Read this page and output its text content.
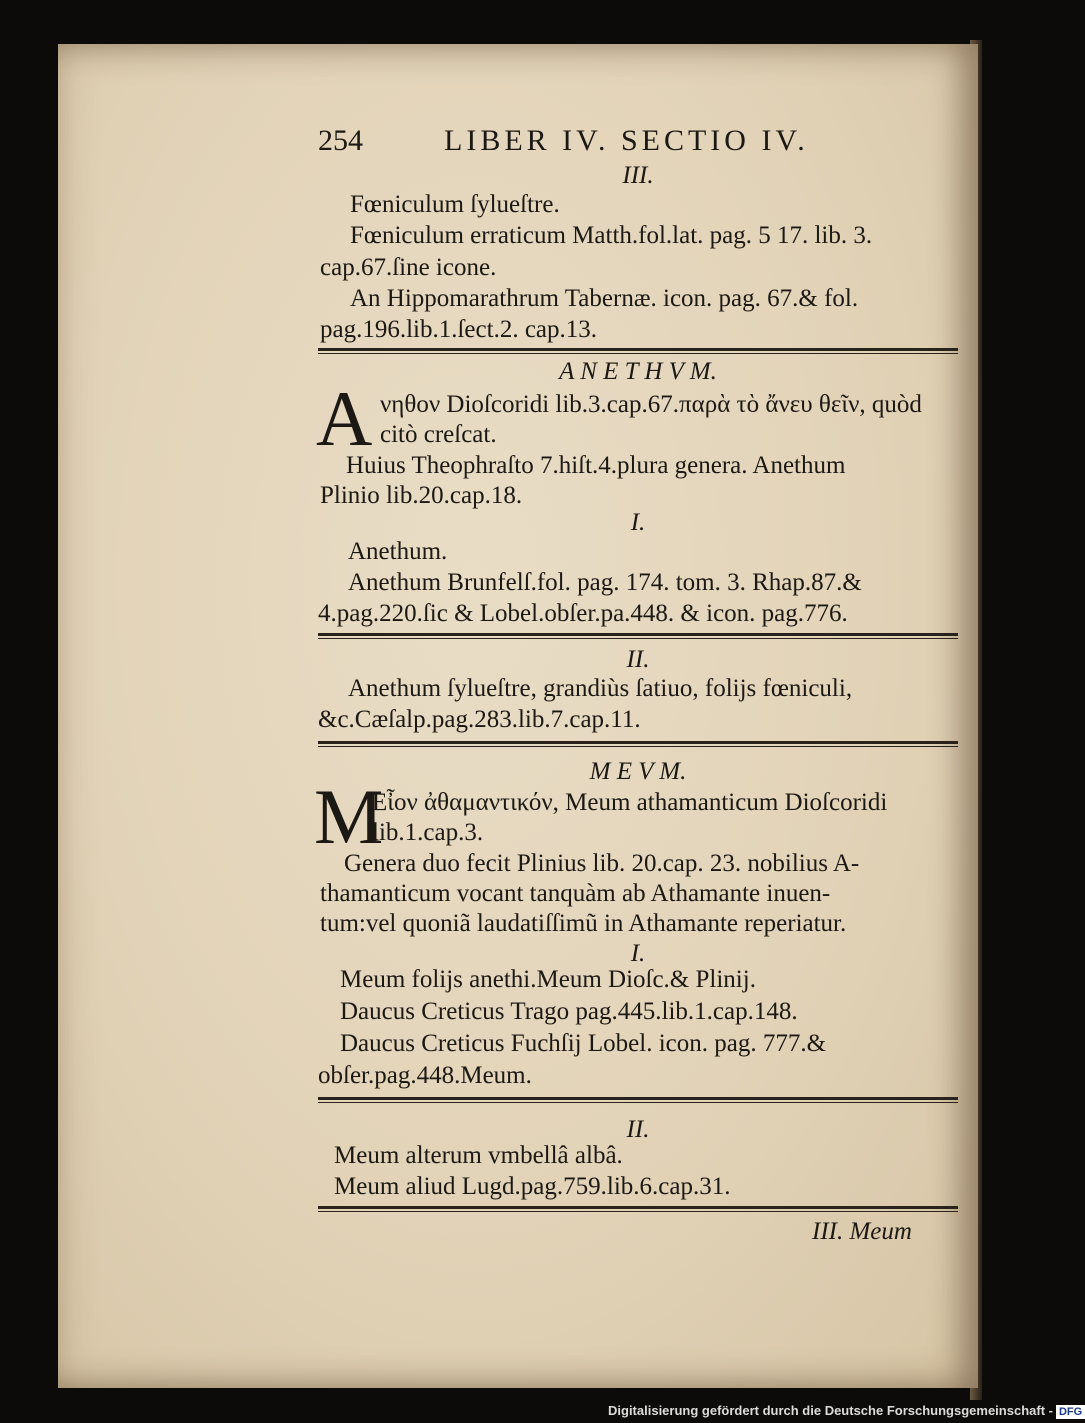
254	LIBER IV. SECTIO IV.
III.
Fœniculum ſylueſtre.
Fœniculum erraticum Matth.fol.lat. pag. 5 17. lib. 3.
cap.67.ſine icone.
An Hippomarathrum Tabernæ. icon. pag. 67.& fol.
pag.196.lib.1.ſect.2. cap.13.
A N E T H V M.
A νηθον Dioſcoridi lib.3.cap.67.παρὰ τὸ ἄνευ θεῖν, quòd
citò creſcat.
Huius Theophraſto 7.hiſt.4.plura genera. Anethum
Plinio lib.20.cap.18.
I.
Anethum.
Anethum Brunfelſ.fol. pag. 174. tom. 3. Rhap.87.&
4.pag.220.ſic & Lobel.obſer.pa.448. & icon. pag.776.
II.
Anethum ſylueſtre, grandiùs ſatiuo, folijs fœniculi,
&c.Cæſalp.pag.283.lib.7.cap.11.
M E V M.
M
Εἶον ἀθαμαντικόν, Meum athamanticum Dioſcoridi
lib.1.cap.3.
Genera duo fecit Plinius lib. 20.cap. 23. nobilius A-
thamanticum vocant tanquàm ab Athamante inuen-
tum:vel quoniã laudatiſſimũ in Athamante reperiatur.
I.
Meum folijs anethi.Meum Dioſc.& Plinij.
Daucus Creticus Trago pag.445.lib.1.cap.148.
Daucus Creticus Fuchſij Lobel. icon. pag. 777.&
obſer.pag.448.Meum.
II.
Meum alterum vmbellâ albâ.
Meum aliud Lugd.pag.759.lib.6.cap.31.
III. Meum
Digitalisierung gefördert durch die Deutsche Forschungsgemeinschaft - DFG
